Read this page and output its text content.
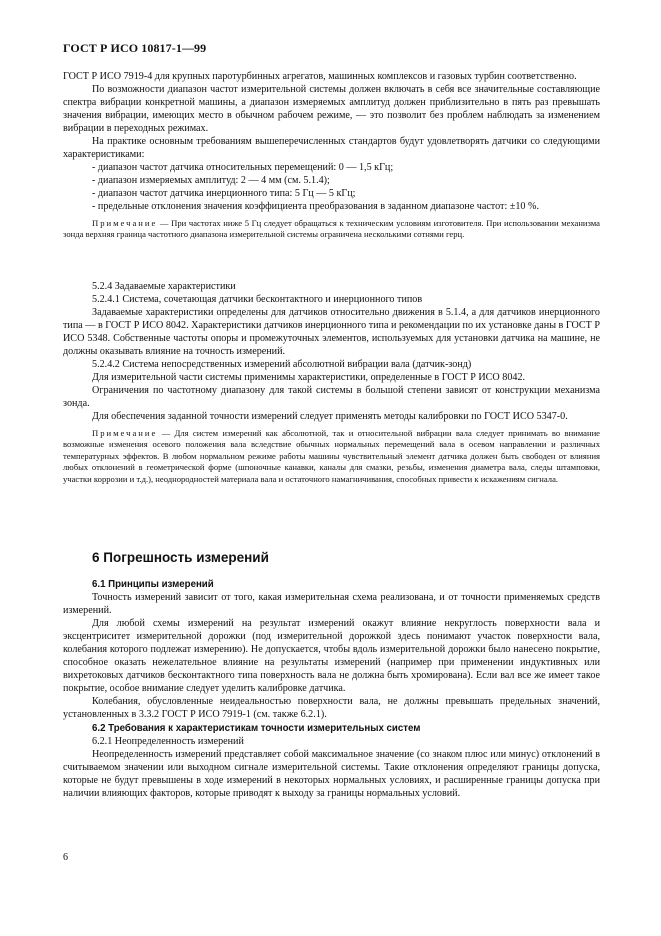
ГОСТ Р ИСО 10817-1—99

ГОСТ Р ИСО 7919-4 для крупных паротурбинных агрегатов, машинных комплексов и газовых турбин соответственно.

По возможности диапазон частот измерительной системы должен включать в себя все значительные составляющие спектра вибрации конкретной машины, а диапазон измеряемых амплитуд должен приблизительно в пять раз превышать значения вибрации, имеющих место в обычном рабочем режиме, — это позволит без проблем наблюдать за изменением вибрации в переходных режимах.

На практике основным требованиям вышеперечисленных стандартов будут удовлетворять датчики со следующими характеристиками:

- диапазон частот датчика относительных перемещений: 0 — 1,5 кГц;

- диапазон измеряемых амплитуд: 2 — 4 мм (см. 5.1.4);

- диапазон частот датчика инерционного типа: 5 Гц — 5 кГц;

- предельные отклонения значения коэффициента преобразования в заданном диапазоне частот: ±10 %.

Примечание — При частотах ниже 5 Гц следует обращаться к техническим условиям изготовителя. При использовании механизма зонда верхняя граница частотного диапазона измерительной системы ограничена несколькими сотнями герц.

5.2.4 Задаваемые характеристики

5.2.4.1 Система, сочетающая датчики бесконтактного и инерционного типов

Задаваемые характеристики определены для датчиков относительно движения в 5.1.4, а для датчиков инерционного типа — в ГОСТ Р ИСО 8042. Характеристики датчиков инерционного типа и рекомендации по их установке даны в ГОСТ Р ИСО 5348. Собственные частоты опоры и промежуточных элементов, используемых для установки датчика на машине, не должны оказывать влияние на точность измерений.

5.2.4.2 Система непосредственных измерений абсолютной вибрации вала (датчик-зонд)

Для измерительной части системы применимы характеристики, определенные в ГОСТ Р ИСО 8042.

Ограничения по частотному диапазону для такой системы в большой степени зависят от конструкции механизма зонда.

Для обеспечения заданной точности измерений следует применять методы калибровки по ГОСТ ИСО 5347-0.

Примечание — Для систем измерений как абсолютной, так и относительной вибрации вала следует принимать во внимание возможные изменения осевого положения вала вследствие обычных нормальных перемещений вала в осевом направлении и различных температурных эффектов. В любом нормальном режиме работы машины чувствительный элемент датчика должен быть свободен от влияния любых отклонений в геометрической форме (шпоночные канавки, каналы для смазки, резьбы, изменения диаметра вала, следы штамповки, участки коррозии и т.д.), неоднородностей материала вала и остаточного намагничивания, способных привести к искажениям сигнала.

6 Погрешность измерений

6.1 Принципы измерений

Точность измерений зависит от того, какая измерительная схема реализована, и от точности применяемых средств измерений.

Для любой схемы измерений на результат измерений окажут влияние некруглость поверхности вала и эксцентриситет измерительной дорожки (под измерительной дорожкой здесь понимают участок поверхности вала, колебания которого подлежат измерению). Не допускается, чтобы вдоль измерительной дорожки было нанесено покрытие, способное оказать нежелательное влияние на результаты измерений (например при применении индуктивных или вихретоковых датчиков бесконтактного типа поверхность вала не должна быть хромирована). Если вал все же имеет такое покрытие, особое внимание следует уделить калибровке датчика.

Колебания, обусловленные неидеальностью поверхности вала, не должны превышать предельных значений, установленных в 3.3.2 ГОСТ Р ИСО 7919-1 (см. также 6.2.1).

6.2 Требования к характеристикам точности измерительных систем

6.2.1 Неопределенность измерений

Неопределенность измерений представляет собой максимальное значение (со знаком плюс или минус) отклонений в считываемом значении или выходном сигнале измерительной системы. Такие отклонения определяют границы допуска, которые не будут превышены в ходе измерений в некоторых нормальных условиях, и расширенные границы допуска при наличии влияющих факторов, которые приводят к выходу за границы нормальных условий.

6
